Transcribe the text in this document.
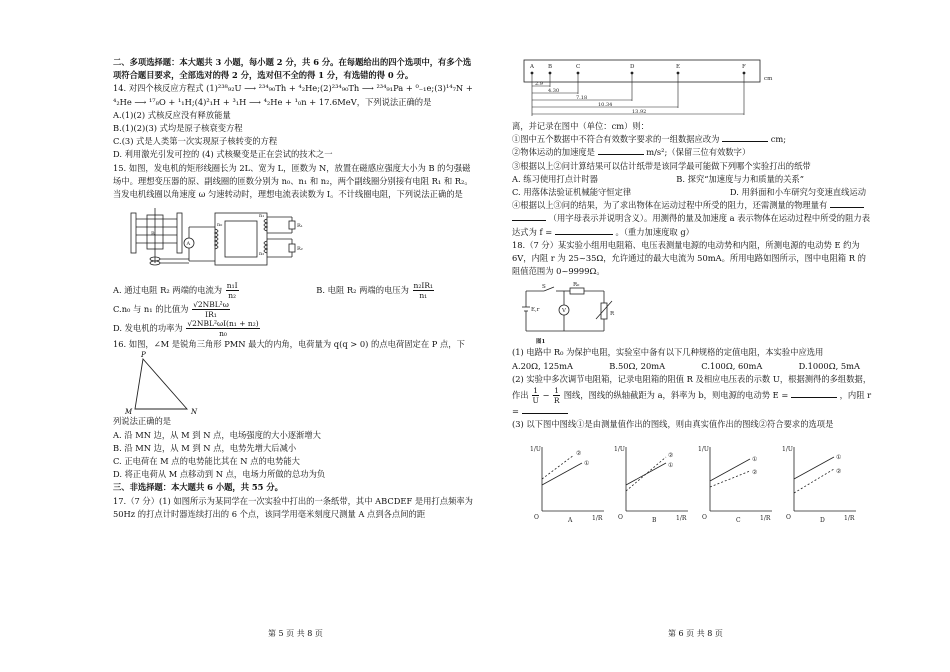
二、多项选择题：本大题共 3 小题，每小题 2 分，共 6 分。在每题给出的四个选项中，有多个选项符合题目要求，全部选对的得 2 分，选对但不全的得 1 分，有选错的得 0 分。

14. 对四个核反应方程式 (1)²³⁸₉₂U ⟶ ²³⁴₉₀Th + ⁴₂He;(2)²³⁴₉₀Th ⟶ ²³⁴₉₁Pa + ⁰₋₁e;(3)¹⁴₇N + ⁴₂He ⟶ ¹⁷₈O + ¹₁H;(4)²₁H + ³₁H ⟶ ⁴₂He + ¹₀n + 17.6MeV，下列说法正确的是

A.(1)(2) 式核反应没有释放能量

B.(1)(2)(3) 式均是原子核衰变方程

C.(3) 式是人类第一次实现原子核转变的方程

D. 利用激光引发可控的 (4) 式核聚变是正在尝试的技术之一

15. 如图，发电机的矩形线圈长为 2L、宽为 L，匝数为 N，放置在磁感应强度大小为 B 的匀强磁场中。理想变压器的原、副线圈的匝数分别为 n₀、n₁ 和 n₂，两个副线圈分别接有电阻 R₁ 和 R₂。当发电机线圈以角速度 ω 匀速转动时，理想电流表读数为 I。不计线圈电阻，下列说法正确的是

A
R₁
R₂
n₀
n₁
n₂
B

A. 通过电阻 R₂ 两端的电流为 $\frac{\text{n₁I}}{\text{n₂}}$	B. 电阻 R₂ 两端的电压为 $\frac{\text{n₂IR₁}}{\text{n₁}}$

C.n₀ 与 n₁ 的比值为 $\frac{\text{√2NBL²ω}}{\text{IR₁}}$

D. 发电机的功率为 $\frac{\text{√2NBL²ωI(n₁ + n₂)}}{\text{n₀}}$

16. 如图，∠M 是锐角三角形 PMN 最大的内角，电荷量为 q(q > 0) 的点电荷固定在 P 点，下

P
M	N

列说法正确的是

A. 沿 MN 边，从 M 到 N 点，电场强度的大小逐渐增大

B. 沿 MN 边，从 M 到 N 点，电势先增大后减小

C. 正电荷在 M 点的电势能比其在 N 点的电势能大

D. 将正电荷从 M 点移动到 N 点，电场力所做的总功为负

三、非选择题：本大题共 6 小题，共 55 分。

17.（7 分）(1) 如图所示为某同学在一次实验中打出的一条纸带，其中 ABCDEF 是用打点频率为 50Hz 的打点计时器连续打出的 6 个点，该同学用毫米刻度尺测量 A 点到各点间的距

A	B	C	D	E	F
cm
2.9
4.30
7.18
10.34
13.92

离，并记录在图中（单位：cm）则：

①图中五个数据中不符合有效数字要求的一组数据应改为	cm;

②物体运动的加速度是	m/s²;（保留三位有效数字）

③根据以上②问计算结果可以估计纸带是该同学最可能做下列哪个实验打出的纸带

A. 练习使用打点计时器	B. 探究“加速度与力和质量的关系”

C. 用落体法验证机械能守恒定律	D. 用斜面和小车研究匀变速直线运动

④根据以上③问的结果，为了求出物体在运动过程中所受的阻力，还需测量的物理量有   （用字母表示并说明含义）。用测得的量及加速度 a 表示物体在运动过程中所受的阻力表达式为 f =	。（重力加速度取 g）

18.（7 分）某实验小组用电阻箱、电压表测量电源的电动势和内阻，所测电源的电动势 E 约为 6V，内阻 r 为 25~35Ω，允许通过的最大电流为 50mA。所用电路如图所示，图中电阻箱 R 的阻值范围为 0~9999Ω。

S	R₀
E,r	V	R
图1

(1) 电路中 R₀ 为保护电阻，实验室中备有以下几种规格的定值电阻，本实验中应选用

A.20Ω, 125mA	B.50Ω, 20mA	C.100Ω, 60mA	D.1000Ω, 5mA

(2) 实验中多次调节电阻箱，记录电阻箱的阻值 R 及相应电压表的示数 U，根据测得的多组数据，作出 $\frac{1}{U} - \frac{1}{R}$ 图线，图线的纵轴截距为 a，斜率为 b，则电源的电动势 E =	，内阻 r =

(3) 以下图中图线①是由测量值作出的图线，则由真实值作出的图线②符合要求的选项是

1/U
1/R
O
①
②
A
1/U
1/R
O
①
②
B
1/U
1/R
O
①
②
C
1/U
1/R
O
①
②
D
第 5 页 共 8 页	第 6 页 共 8 页
